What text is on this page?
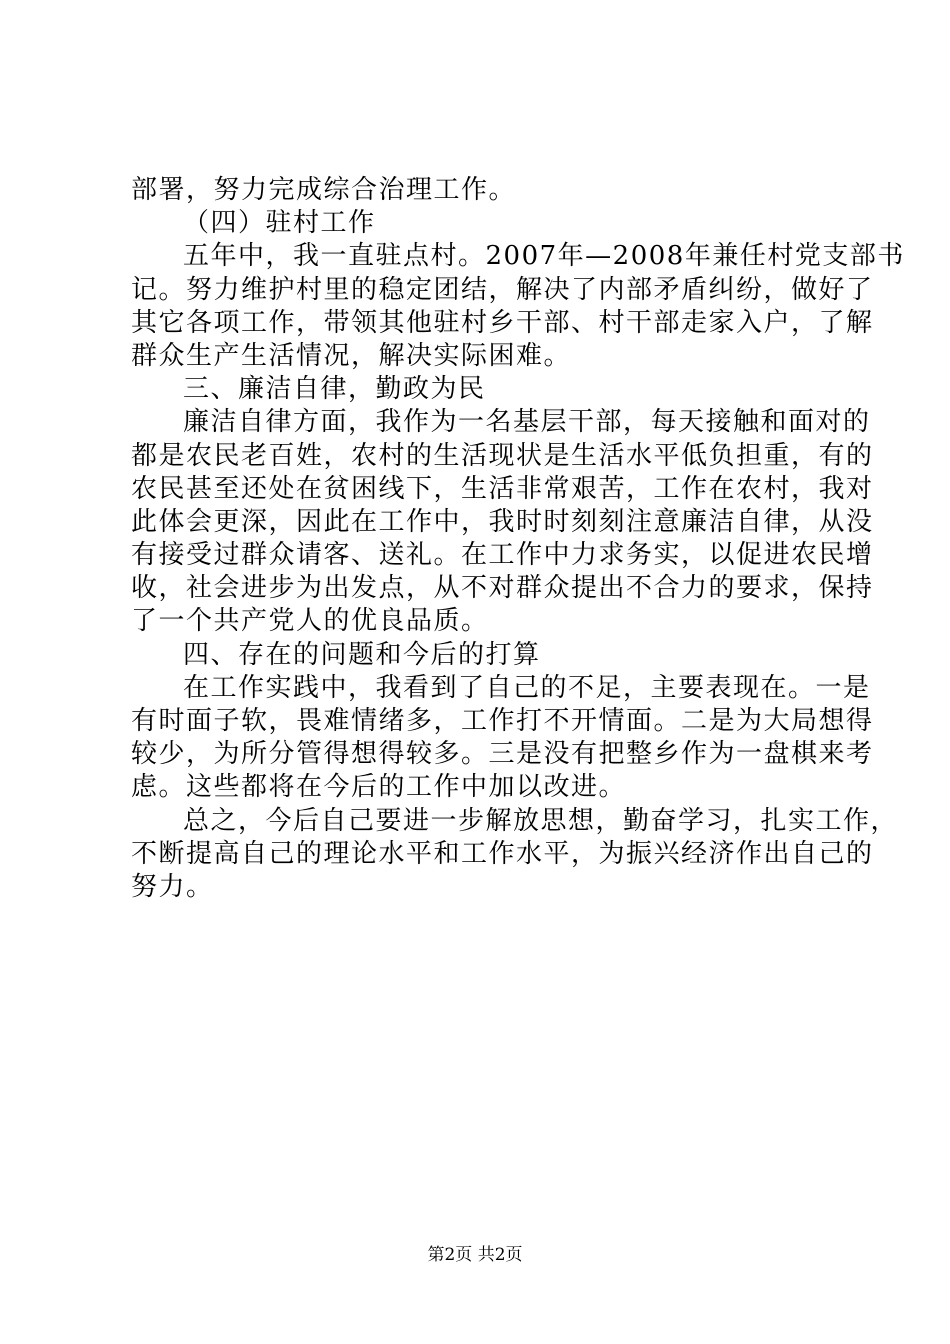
部署，努力完成综合治理工作。
（四）驻村工作
五年中，我一直驻点村。2007年—2008年兼任村党支部书
记。努力维护村里的稳定团结，解决了内部矛盾纠纷，做好了
其它各项工作，带领其他驻村乡干部、村干部走家入户，了解
群众生产生活情况，解决实际困难。
三、廉洁自律，勤政为民
廉洁自律方面，我作为一名基层干部，每天接触和面对的
都是农民老百姓，农村的生活现状是生活水平低负担重，有的
农民甚至还处在贫困线下，生活非常艰苦，工作在农村，我对
此体会更深，因此在工作中，我时时刻刻注意廉洁自律，从没
有接受过群众请客、送礼。在工作中力求务实，以促进农民增
收，社会进步为出发点，从不对群众提出不合力的要求，保持
了一个共产党人的优良品质。
四、存在的问题和今后的打算
在工作实践中，我看到了自己的不足，主要表现在。一是
有时面子软，畏难情绪多，工作打不开情面。二是为大局想得
较少，为所分管得想得较多。三是没有把整乡作为一盘棋来考
虑。这些都将在今后的工作中加以改进。
总之，今后自己要进一步解放思想，勤奋学习，扎实工作，
不断提高自己的理论水平和工作水平，为振兴经济作出自己的
努力。
第2页 共2页
